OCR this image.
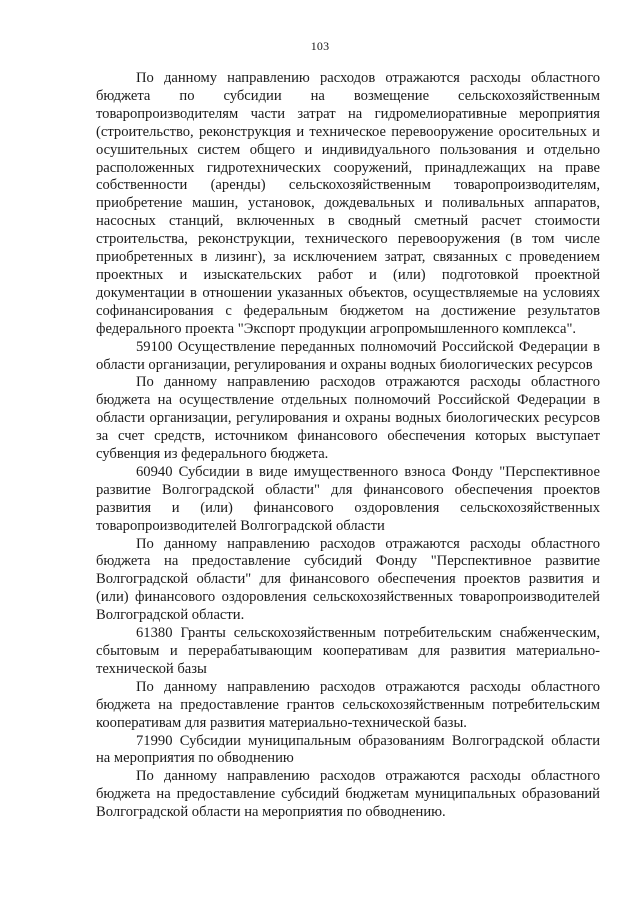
103

По данному направлению расходов отражаются расходы областного бюджета по субсидии на возмещение сельскохозяйственным товаропроизводителям части затрат на гидромелиоративные мероприятия (строительство, реконструкция и техническое перевооружение оросительных и осушительных систем общего и индивидуального пользования и отдельно расположенных гидротехнических сооружений, принадлежащих на праве собственности (аренды) сельскохозяйственным товаропроизводителям, приобретение машин, установок, дождевальных и поливальных аппаратов, насосных станций, включенных в сводный сметный расчет стоимости строительства, реконструкции, технического перевооружения (в том числе приобретенных в лизинг), за исключением затрат, связанных с проведением проектных и изыскательских работ и (или) подготовкой проектной документации в отношении указанных объектов, осуществляемые на условиях софинансирования с федеральным бюджетом на достижение результатов федерального проекта "Экспорт продукции агропромышленного комплекса".

59100 Осуществление переданных полномочий Российской Федерации в области организации, регулирования и охраны водных биологических ресурсов

По данному направлению расходов отражаются расходы областного бюджета на осуществление отдельных полномочий Российской Федерации в области организации, регулирования и охраны водных биологических ресурсов за счет средств, источником финансового обеспечения которых выступает субвенция из федерального бюджета.

60940 Субсидии в виде имущественного взноса Фонду "Перспективное развитие Волгоградской области" для финансового обеспечения проектов развития и (или) финансового оздоровления сельскохозяйственных товаропроизводителей Волгоградской области

По данному направлению расходов отражаются расходы областного бюджета на предоставление субсидий Фонду "Перспективное развитие Волгоградской области" для финансового обеспечения проектов развития и (или) финансового оздоровления сельскохозяйственных товаропроизводителей Волгоградской области.

61380 Гранты сельскохозяйственным потребительским снабженческим, сбытовым и перерабатывающим кооперативам для развития материально-технической базы

По данному направлению расходов отражаются расходы областного бюджета на предоставление грантов сельскохозяйственным потребительским кооперативам для развития материально-технической базы.

71990 Субсидии муниципальным образованиям Волгоградской области на мероприятия по обводнению

По данному направлению расходов отражаются расходы областного бюджета на предоставление субсидий бюджетам муниципальных образований Волгоградской области на мероприятия по обводнению.
